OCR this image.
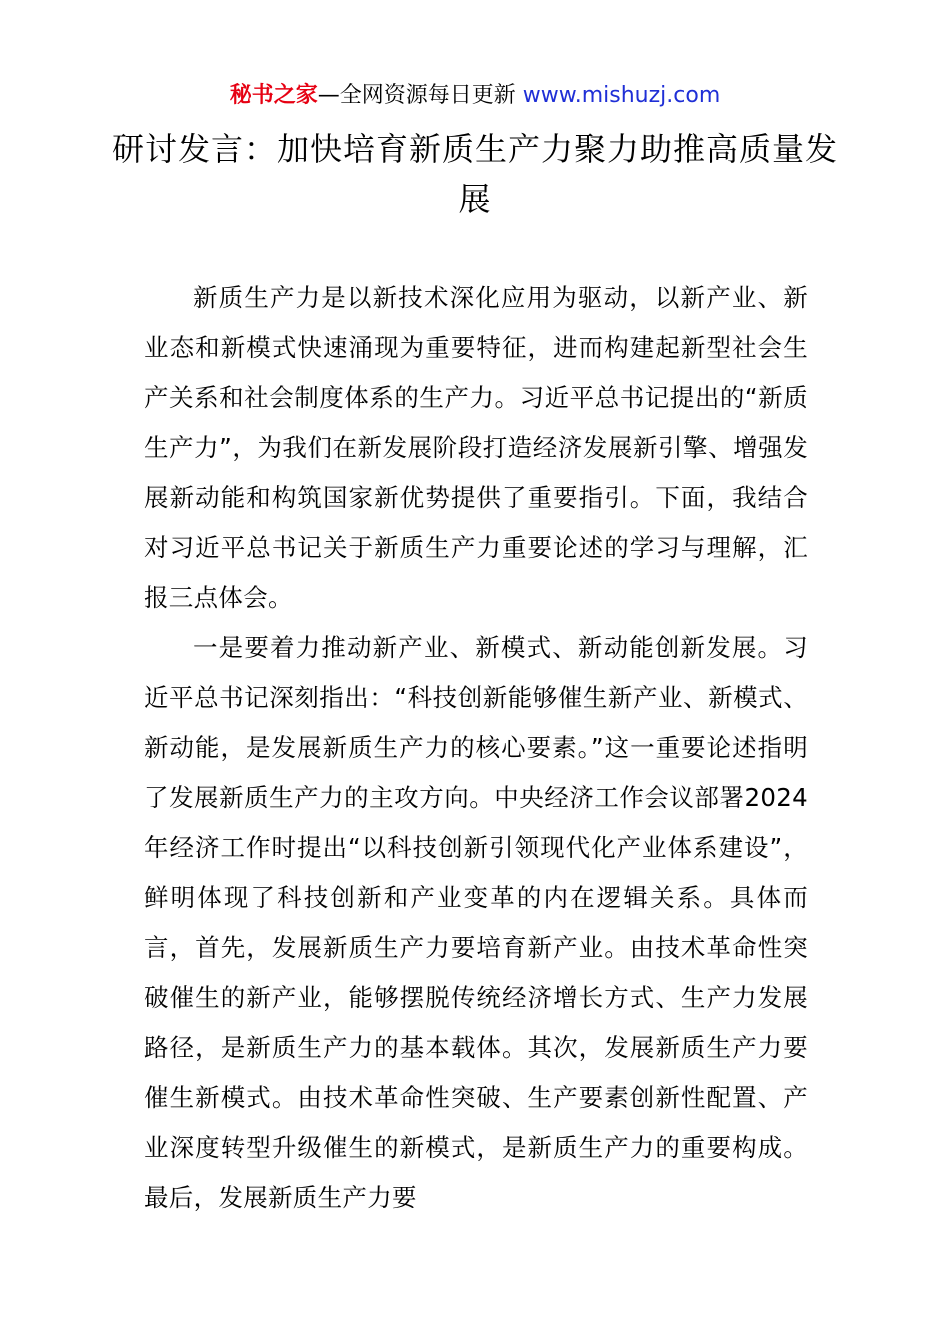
秘书之家—全网资源每日更新 www.mishuzj.com
研讨发言：加快培育新质生产力聚力助推高质量发展

新质生产力是以新技术深化应用为驱动，以新产业、新业态和新模式快速涌现为重要特征，进而构建起新型社会生产关系和社会制度体系的生产力。习近平总书记提出的“新质生产力”，为我们在新发展阶段打造经济发展新引擎、增强发展新动能和构筑国家新优势提供了重要指引。下面，我结合对习近平总书记关于新质生产力重要论述的学习与理解，汇报三点体会。

一是要着力推动新产业、新模式、新动能创新发展。习近平总书记深刻指出：“科技创新能够催生新产业、新模式、新动能，是发展新质生产力的核心要素。”这一重要论述指明了发展新质生产力的主攻方向。中央经济工作会议部署2024年经济工作时提出“以科技创新引领现代化产业体系建设”，鲜明体现了科技创新和产业变革的内在逻辑关系。具体而言，首先，发展新质生产力要培育新产业。由技术革命性突破催生的新产业，能够摆脱传统经济增长方式、生产力发展路径，是新质生产力的基本载体。其次，发展新质生产力要催生新模式。由技术革命性突破、生产要素创新性配置、产业深度转型升级催生的新模式，是新质生产力的重要构成。最后，发展新质生产力要
